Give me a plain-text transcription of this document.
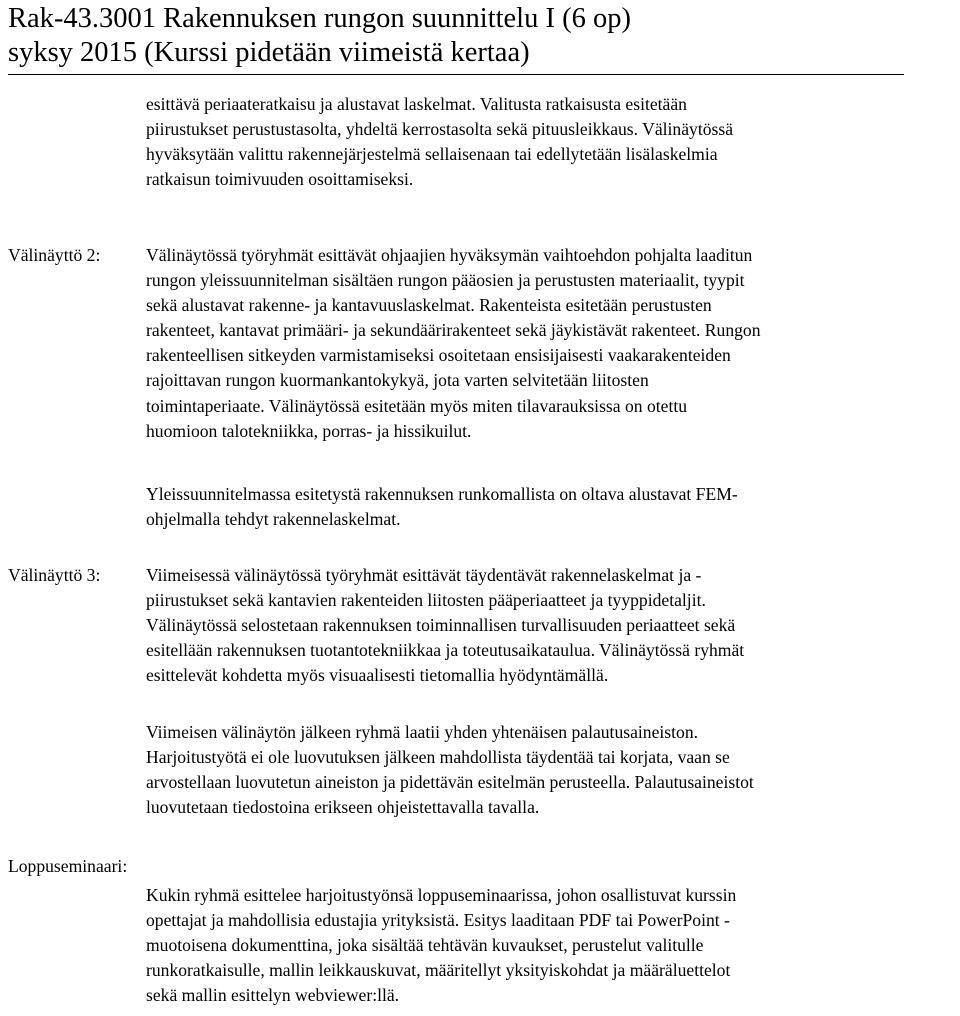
Rak-43.3001 Rakennuksen rungon suunnittelu I (6 op)
syksy 2015 (Kurssi pidetään viimeistä kertaa)
esittävä periaateratkaisu ja alustavat laskelmat. Valitusta ratkaisusta esitetään
piirustukset perustustasolta, yhdeltä kerrostasolta sekä pituusleikkaus. Välinäytössä
hyväksytään valittu rakennejärjestelmä sellaisenaan tai edellytetään lisälaskelmia
ratkaisun toimivuuden osoittamiseksi.
Välinäyttö 2:	Välinäytössä työryhmät esittävät ohjaajien hyväksymän vaihtoehdon pohjalta laaditun
rungon yleissuunnitelman sisältäen rungon pääosien ja perustusten materiaalit, tyypit
sekä alustavat rakenne- ja kantavuuslaskelmat. Rakenteista esitetään perustusten
rakenteet, kantavat primääri- ja sekundäärirakenteet sekä jäykistävät rakenteet. Rungon
rakenteellisen sitkeyden varmistamiseksi osoitetaan ensisijaisesti vaakarakenteiden
rajoittavan rungon kuormankantokykyä, jota varten selvitetään liitosten
toimintaperiaate. Välinäytössä esitetään myös miten tilavarauksissa on otettu
huomioon talotekniikka, porras- ja hissikuilut.
Yleissuunnitelmassa esitetystä rakennuksen runkomallista on oltava alustavat FEM-
ohjelmalla tehdyt rakennelaskelmat.
Välinäyttö 3:	Viimeisessä välinäytössä työryhmät esittävät täydentävät rakennelaskelmat ja -
piirustukset sekä kantavien rakenteiden liitosten pääperiaatteet ja tyyppidetaljit.
Välinäytössä selostetaan rakennuksen toiminnallisen turvallisuuden periaatteet sekä
esitellään rakennuksen tuotantotekniikkaa ja toteutusaikataulua. Välinäytössä ryhmät
esittelevät kohdetta myös visuaalisesti tietomallia hyödyntämällä.
Viimeisen välinäytön jälkeen ryhmä laatii yhden yhtenäisen palautusaineiston.
Harjoitustyötä ei ole luovutuksen jälkeen mahdollista täydentää tai korjata, vaan se
arvostellaan luovutetun aineiston ja pidettävän esitelmän perusteella. Palautusaineistot
luovutetaan tiedostoina erikseen ohjeistettavalla tavalla.
Loppuseminaari:
Kukin ryhmä esittelee harjoitustyönsä loppuseminaarissa, johon osallistuvat kurssin
opettajat ja mahdollisia edustajia yrityksistä. Esitys laaditaan PDF tai PowerPoint -
muotoisena dokumenttina, joka sisältää tehtävän kuvaukset, perustelut valitulle
runkoratkaisulle, mallin leikkauskuvat, määritellyt yksityiskohdat ja määräluettelot
sekä mallin esittelyn webviewer:llä.
